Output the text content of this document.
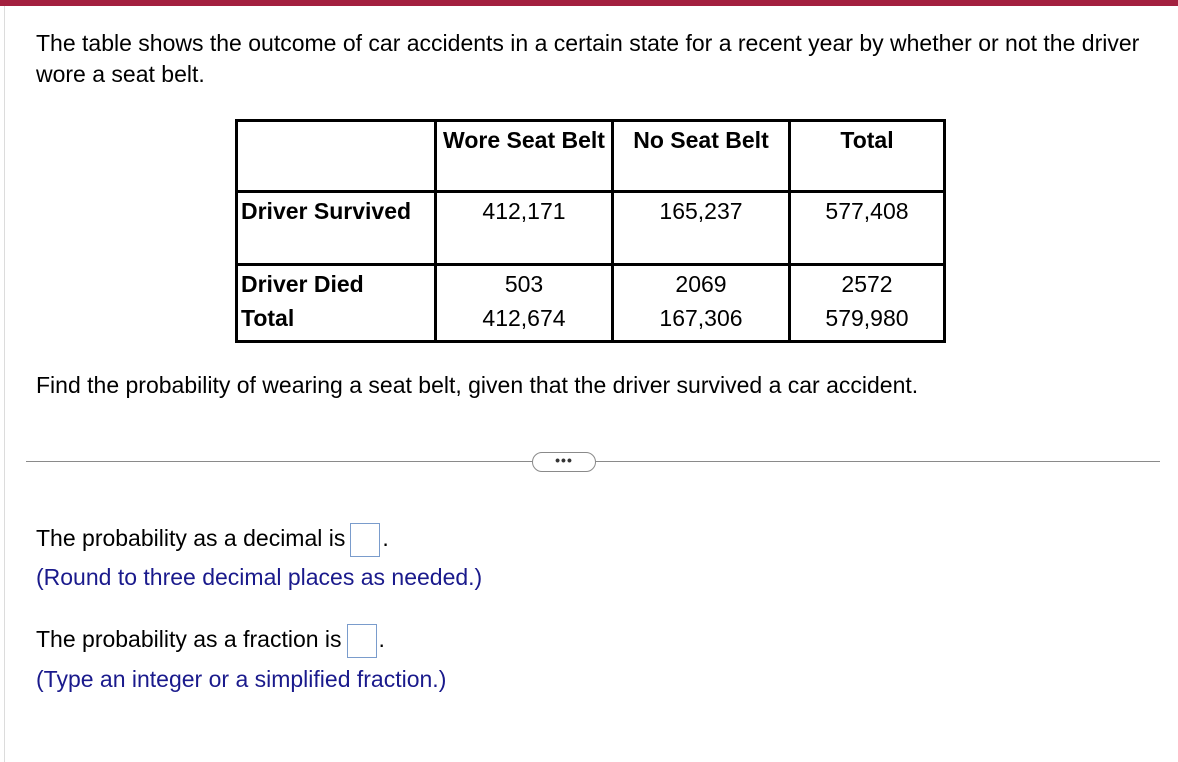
The table shows the outcome of car accidents in a certain state for a recent year by whether or not the driver wore a seat belt.

	Wore Seat Belt	No Seat Belt	Total
Driver Survived	412,171	165,237	577,408
Driver Died	503	2069	2572
Total	412,674	167,306	579,980

Find the probability of wearing a seat belt, given that the driver survived a car accident.

•••

The probability as a decimal is .

(Round to three decimal places as needed.)

The probability as a fraction is .

(Type an integer or a simplified fraction.)
